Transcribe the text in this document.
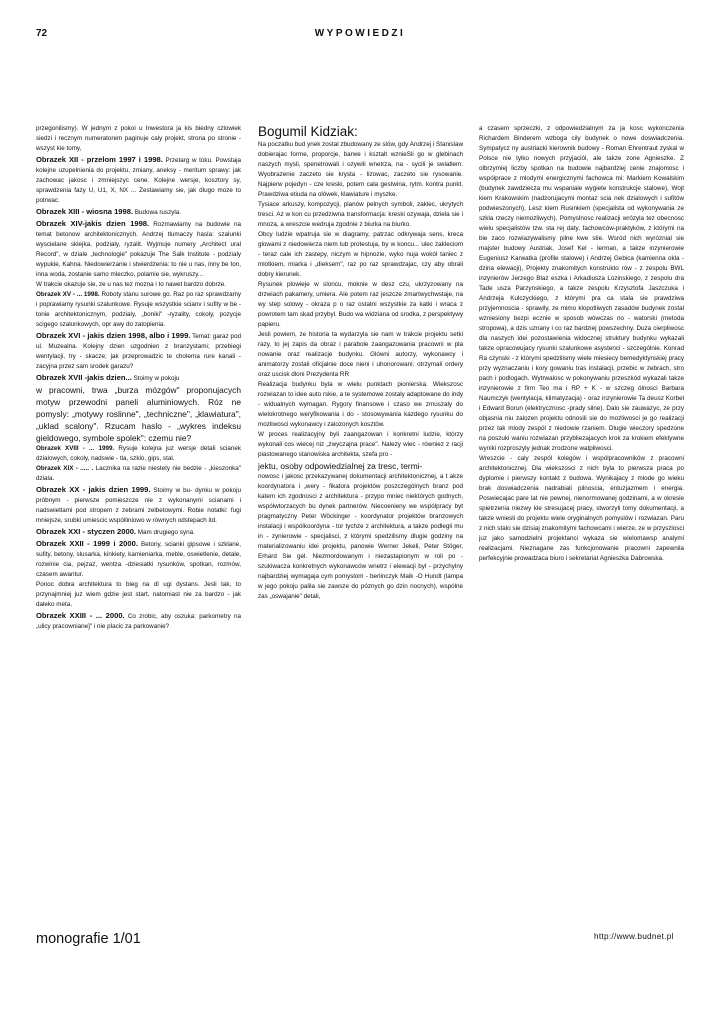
72	WYPOWIEDZI

przegonilismy). W jednym z pokoi u Inwestora ja kis biedny czlowiek siedzi i recznym numeratorem paginuje caly projekt, strona po stronie - wszyst kie tomy,

Obrazek XII - przelom 1997 i 1998. Przetarg w toku. Powstaja kolejne uzupelnienia do projektu, zmiany, aneksy - meritum sprawy: jak zachowac jakosc i zmniejszyc cene. Kolejne wersje, kosztory sy, sprawdzenia fazy U, U1, X, NX ... Zestawiamy sie, jak dlugo moze to potrwac.

Obrazek XIII - wiosna 1998. Budowa ruszyla.

Obrazek XIV-jakis dzien 1998. Rozmawiamy na budowie na temat betonow architektonicznych. Andrzej tlumaczy hasla: szalunki wyscielane sklejka, podzialy, ryzalit. Wyjmuje numery „Architect ural Record", w dziale „technologie" pokazuje The Salk Institute - podzialy wypukle, Kahna. Niedowierzanie i stwierdzenia: to nie u nas, inny be ton, inna woda, zostanie samo mleczko, polamie sie, wykruszy...

W trakcie okazuje sie, ze u nas tez mozna i to nawet bardzo dobrze.

Obrazek XV - ... 1998. Roboty stanu surowe go. Raz po raz sprawdzamy i poprawiamy rysunki szalunkowe. Rysuje wszystkie scianv i sufity w be - tonie architektonicznym, podzialy, „boniki" -ryzality, cokoly, pozycje scigego szalunkowych, opr awy do zatopienia.

Obrazek XVI - jakis dzien 1998, albo i 1999. Temat: garaz pod ul. Muzealna. Kolejny dzien uzgodnien z branzystami; przebiegi wentylacji, try - skacze; jak przeprowadzic te cholerna rure kanali - zacyjna przez sam srodek garazu?

Obrazek XVII -jakis dzien... Stoimy w pokoju

w pracowni, trwa „burza mózgów" proponujacych motyw przewodni paneli aluminiowych. Róz ne pomysly: „motywy roslinne", „techniczne", „klawiatura", „uklad scalony". Rzucam haslo - „wykres indeksu gieldowego, symbole spolek": czemu nie?

Obrazek XVIII - ... 1999. Rysuje kolejna juz wersje detali scianek dzialowych, cokoly, nadswie - tla, szklo, gips, stal.

Obrazek XIX - ..... . Lacznika na razie niestety nie bedzie - „kieszonka" dziala.

Obrazek XX - jakis dzien 1999. Stoimy w bu- dynku w pokoju próbnym - pierwsze pomieszcze nie z wykonanymi scianami i nadswietlami pod stropem z zebrami zelbetowymi. Robie notatki: fugi mniejsze, srubki umiescic wspólliniowo w równych odstepach itd.

Obrazek XXI - styczen 2000. Mam drugiego syna.

Obrazek XXII - 1999 i 2000. Betony, scianki gipsowe i szklane, sufity, betony, slusarka, kinkiety, kamieniarka, meble, oswietlenie, detale, rozwinie cia, pejzaz, wentza -dziesiatki rysunków, spotkan, rozmów, czasem awantur.

Ponoc dobra architektura to bieg na dl ugi dystans. Jesli tak, to przynajmniej juz wiem gdzie jest start, natomiast nie za bardzo - jak daleko meta.

Obrazek XXIII - ... 2000. Co zrobic, aby oszuka: parkometry na „ulicy pracowniane]" i nie placic za parkowanie?

Bogumil Kidziak:

Na poczatku bud ynek zostal zbudowany ze slów, gdy Andrzej i Stanislaw dobierajac forme, proporcje, barwe i ksztalt wznieSli go w glebinach naszych mysli, spenetrowali i ozywili wnetrza, na - sycili je swiatlem. Wyobrazenie zaczeto sie krysta - lizowac, zaczeto sie rysowanie. Najpierw pojedyn - cze kreski, potem cala gestwina, rytm. kontra punkt. Prawdziwa etiuda na olówek, klawiature i myszke.

Tysiace arkuszy, kompozycji, planów pelnych symboli, zaklec, ukrytych tresci. Az w kon cu przedziwna transformacja: kreski ozywaja, dziela sie i mnoza, a wreszcie wedruja zgodnie z biurka na biurko.

Obcy ludzie wpatruja sie w diagramy, patrzac odkrywaja sens, kreca glowami z niedowierza niem lub protestuja, by w koncu... ulec zakleciom - teraz cale ich zastepy, niczym w hipnozie, wyko nuja wokól taniec z mlotkiem, miarka i „dieksem", raz po raz sprawdzajac, czy aby obrali dobry kierunek.

Rysunek plowieje w sloncu, moknie w desz czu, ukrzyzowany na drzwiach pakamery, umiera. Ale potem raz jeszcze zmartwychwstaje, na wy step solowy - okraza p o raz ostatni wszystkie za katki i wraca z powrotem tam skad przybyl. Budo wa widziana od srodka, z perspektywy papieru.

Jesli powiem, ze historia ta wydarzyla sie nam w trakcie projektu setki razy, to jej zapis da obraz i parabole zaangazowania pracowni w pla nowanie oraz realizacje budynku. Glówni autorzy, wykonawcy i animatorzy zostali oficjalnie doce nieni i uhonorowani: otrzymali ordery oraz uscisk dloni Prezydenta RR

Realizacja budynku byla w wielu punktach pionierska. Wiekszosc rozwiazan to idee auto rskie, a te systemowe zostaly adaptowane do indy - widualnych wymagan. Rygory finansowe i czaso we zmuszaly do wielokrotnego weryfikowania i do - stosowywania kazdego rysunku do mozliwosci wykonawcy i zalozonych kosztów.

W proces realizacyjny byli zaangazowan i konkretni ludzie, którzy wykonali cos wiecej niz „zwyczajna prace". Nalezy wiec - równiez z racji piastowanego stanowiska architekta, szefa pro -

jektu, osoby odpowiedzialnej za tresc, termi-

nowosc i jakosc przekazywanej dokumentacji architektonicznej, a t akze koordynatora i „wery - fikatora projektów poszczególnych branz pod katem ich zgodnosci z architektura - przypo mniec niektórych godnych, wspólwtorzacych bu dynek partnerów. Niecoenieny we wspólpracy byt pragmatyczny Peter Wöckinger - koordynator projektów branzowych instalacji i wspólkoordyna - tor tychze z architektura, a takze podlegli mu in - zynierowie - specjalisci, z którymi spedzilismy dlugie godziny na materializowaniu idei projektu, panowie Werner Jekeli, Peter Stöger, Erhard Sie gel. Niezmordowanym i niezastapionym w roli po - szukiwacza konkretnych wykonawców wnetrz i elewacji byl - przychylny najbardziej wymagaja cym pomyslom - berlinczyk Maik -O Hundt (lampa w jego pokoju palila sie zawsze do póznych go dzin nocnych), wspólne zas „oswajanie" detali,

a czasem sprzeczki, z odpowiedzialnym za ja kosc wykonczenia Richardem Binderem wzboga cily budynek o nowe doswiadczenia. Sympatycz ny austriacki kierownik budowy - Roman Ehrentraut zyskal w Polsce nie tylko nowych przyjaciól, ale takze zone Agnieszke. Z olbrzymiej liczby spotkan na budowie najbardziej cenie znajomosc i wspólprace z mlodymi energicznymi fachowca mi: Markiem Kowalskim (budynek zawdziecza mu wspaniale wygiete konstrukcje stalowe), Wojt kiem Krakowskim (nadzorujacymi montaz scia nek dzialowych i sufitów podwieszonych), Lesz kiem Rusinkiem (specjalista od wykonywania ze szkla rzeczy niemozliwych). Pomyslnosc realizacji wrózyla tez obecnosc wielu specjalistów tzw. sta rej daty, fachowców-praktyków, z którymi na bie zaco rozwiazywalismy pilne kwe stie. Wsród nich wyróznial sie majster budowy Austriak, Josef Kel - lerman, a takze inzynierowie Eugeniusz Karwatka (profile stalowe) i Andrzej Gebica (kamienna okla - dzina elewacji), Projekty znakomitych konstrukto rów - z zespolu BWL inzynierów Jerzego Blaz eszka i Arkadiusza Lozinskiego, z zespolu dra Tade usza Parzynskiego, a takze zespolu Krzysztofa Jaszczuka i Andrzeja Kulczyckiego, z którymi pra ca stala sie prawdziwa przyjemnoscia - sprawily, ze mimo klopotliwych zasadów budynek zostal wzniesiony bezpi ecznie w sposob wówczas no - watorski (metoda stropowa), a dzis uznany i co raz bardziej powszechny. Duza cierpliwosc dla naszych idei pozostawienia widocznej struktury budynku wykazali takze opracowujacy rysunki szalunkowe asystenci - szczególnie. Konrad Ra czynski - z którymi spedzilismy wiele miesiecy bemedyktynskiej pracy przy wyznaczaniu i kory gowaniu tras instalacji, przebic w zebrach, stro pach i podlogach. Wytrwalosc w pokonywaniu przeszkód wykazali takze inzynierowie z firm Teo ma i RP + K - w szczeg ólnosci Barbara Naumczyk (wentylacja, klimatyzacja) - oraz inzynierowie Ta deusz Korbel i Edward Borun (elektrycznosc -prady silne). Dalo sie zauwazyc, ze przy objasnia niu zalozen projektu odnosili sie do mozliwosci je go realizacji przez tak mlody zespól z niedowie rzaniem. Dlugie wieczory spedzone na poszuki waniu rozwiazan przybliezajacych krok za krokiem efektywne wyniki rozproszyly jednak zrodzone watpliwosci.

Wreszcie - caly zespól kolegów i wspólpracowników z pracowni architektonicznej. Dla wiekszosci z nich byla to pierwsza praca po dyplomie i pierwszy kontakt z budowa. Wynikajacy z mlode go wieku brak doswiadczenia nadrabiali pilnoscia, entuzjazmem i energia. Poswiecajac pare lat nie pewnej, nienormowanej godzinami, a w okresie spietrzenia niezwy kle stresujacej pracy, stworzyli tomy dokumentacji, a takze wniesli do projektu wiele oryginalnych pomyslów i rozwiazan. Paru z nich stalo sie dzisiaj znakomitymi fachowcami i wierze, ze w przyszlosci juz jako samodzielni projektanci wykaza sie wielomawsp analymi realizacjami. Nieznagane zas funkcjonowanie pracowni zapewnila perfekcyjnie prowadzaca biuro i sekretariat Agnieszka Dabrowska.

monografie 1/01	http://www.budnet.pl
